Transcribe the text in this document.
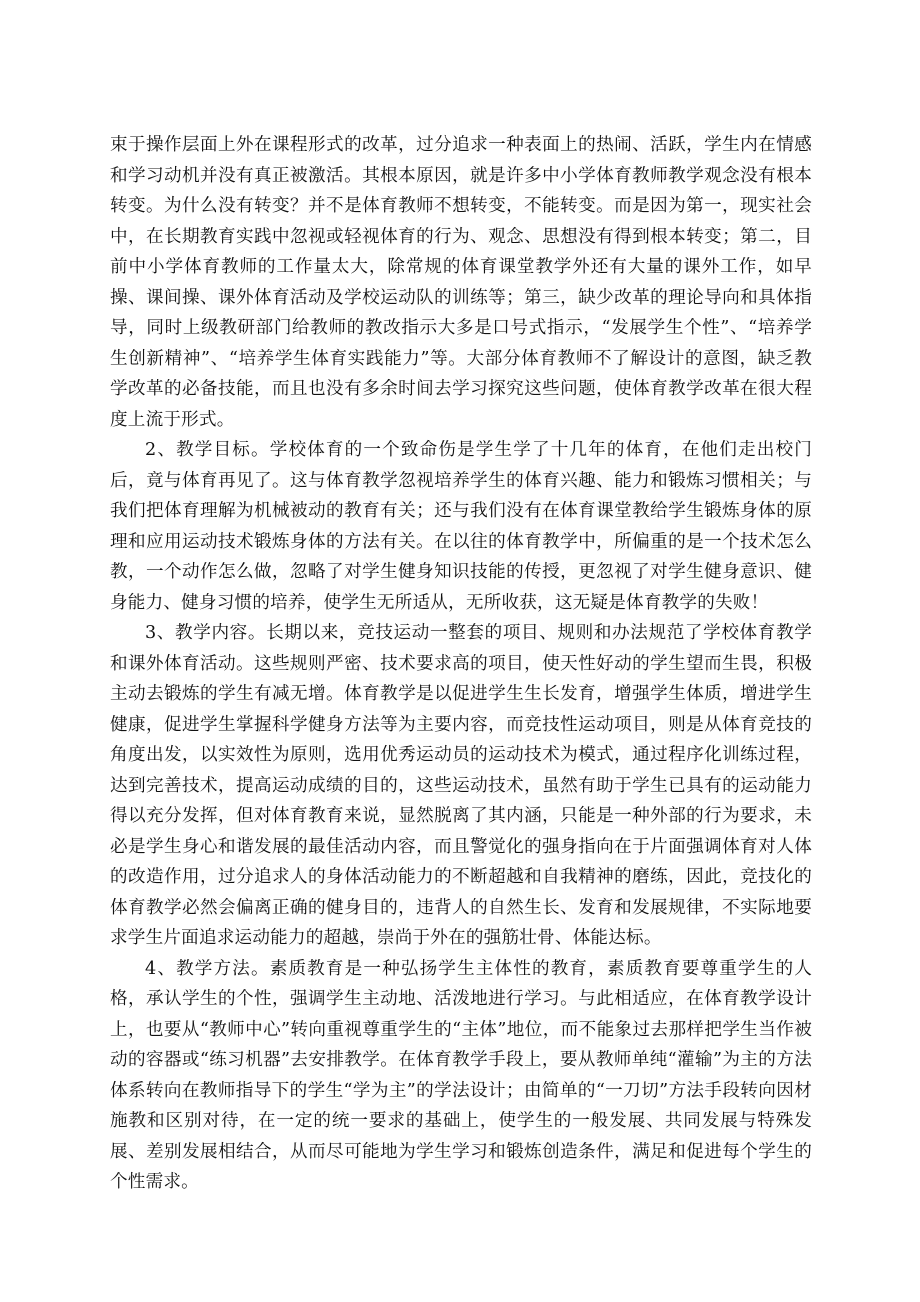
束于操作层面上外在课程形式的改革，过分追求一种表面上的热闹、活跃，学生内在情感和学习动机并没有真正被激活。其根本原因，就是许多中小学体育教师教学观念没有根本转变。为什么没有转变？并不是体育教师不想转变，不能转变。而是因为第一，现实社会中，在长期教育实践中忽视或轻视体育的行为、观念、思想没有得到根本转变；第二，目前中小学体育教师的工作量太大，除常规的体育课堂教学外还有大量的课外工作，如早操、课间操、课外体育活动及学校运动队的训练等；第三，缺少改革的理论导向和具体指导，同时上级教研部门给教师的教改指示大多是口号式指示，“发展学生个性”、“培养学生创新精神”、“培养学生体育实践能力”等。大部分体育教师不了解设计的意图，缺乏教学改革的必备技能，而且也没有多余时间去学习探究这些问题，使体育教学改革在很大程度上流于形式。

2、教学目标。学校体育的一个致命伤是学生学了十几年的体育，在他们走出校门后，竟与体育再见了。这与体育教学忽视培养学生的体育兴趣、能力和锻炼习惯相关；与我们把体育理解为机械被动的教育有关；还与我们没有在体育课堂教给学生锻炼身体的原理和应用运动技术锻炼身体的方法有关。在以往的体育教学中，所偏重的是一个技术怎么教，一个动作怎么做，忽略了对学生健身知识技能的传授，更忽视了对学生健身意识、健身能力、健身习惯的培养，使学生无所适从，无所收获，这无疑是体育教学的失败！

3、教学内容。长期以来，竞技运动一整套的项目、规则和办法规范了学校体育教学和课外体育活动。这些规则严密、技术要求高的项目，使天性好动的学生望而生畏，积极主动去锻炼的学生有减无增。体育教学是以促进学生生长发育，增强学生体质，增进学生健康，促进学生掌握科学健身方法等为主要内容，而竞技性运动项目，则是从体育竞技的角度出发，以实效性为原则，选用优秀运动员的运动技术为模式，通过程序化训练过程，达到完善技术，提高运动成绩的目的，这些运动技术，虽然有助于学生已具有的运动能力得以充分发挥，但对体育教育来说，显然脱离了其内涵，只能是一种外部的行为要求，未必是学生身心和谐发展的最佳活动内容，而且警觉化的强身指向在于片面强调体育对人体的改造作用，过分追求人的身体活动能力的不断超越和自我精神的磨练，因此，竞技化的体育教学必然会偏离正确的健身目的，违背人的自然生长、发育和发展规律，不实际地要求学生片面追求运动能力的超越，崇尚于外在的强筋壮骨、体能达标。

4、教学方法。素质教育是一种弘扬学生主体性的教育，素质教育要尊重学生的人格，承认学生的个性，强调学生主动地、活泼地进行学习。与此相适应，在体育教学设计上，也要从“教师中心”转向重视尊重学生的“主体”地位，而不能象过去那样把学生当作被动的容器或“练习机器”去安排教学。在体育教学手段上，要从教师单纯“灌输”为主的方法体系转向在教师指导下的学生“学为主”的学法设计；由简单的“一刀切”方法手段转向因材施教和区别对待，在一定的统一要求的基础上，使学生的一般发展、共同发展与特殊发展、差别发展相结合，从而尽可能地为学生学习和锻炼创造条件，满足和促进每个学生的个性需求。
